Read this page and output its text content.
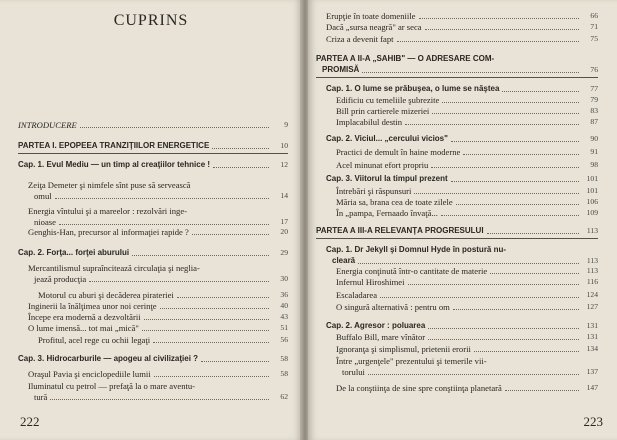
CUPRINS
INTRODUCERE	9
PARTEA I. EPOPEEA TRANZIŢIILOR ENERGETICE	10
Cap. 1. Evul Mediu — un timp al creaţiilor tehnice !	12
Zeiţa Demeter şi nimfele sînt puse să servească
omul	14
Energia vîntului şi a mareelor : rezolvări inge-
nioase	17
Genghis-Han, precursor al informaţiei rapide ?	20
Cap. 2. Forţa... forţei aburului	29
Mercantilismul supraîncitează circulaţia şi neglia-
jează producţia	30
Motorul cu aburi şi decăderea pirateriei	36
Inginerii la înălţimea unor noi cerinţe	40
Începe era modernă a dezvoltării	43
O lume imensă... tot mai „mică"	51
Profitul, acel rege cu ochii legaţi	56
Cap. 3. Hidrocarburile — apogeu al civilizaţiei ?	58
Oraşul Pavia şi enciclopediile lumii	58
Iluminatul cu petrol — prefaţă la o mare aventu-
tură	62
222
Erupţie în toate domeniile	66
Dacă „sursa neagră" ar seca	71
Criza a devenit fapt	75
PARTEA A II-A „SAHIB" — O ADRESARE COM-
PROMISĂ	76
Cap. 1. O lume se prăbuşea, o lume se năştea	77
Edificiu cu temeliile şubrezite	79
Bill prin cartierele mizeriei	83
Implacabilul destin	87
Cap. 2. Viciul... „cercului vicios"	90
Practici de demult în haine moderne	91
Acel minunat efort propriu	98
Cap. 3. Viitorul la timpul prezent	101
Întrebări şi răspunsuri	101
Măria sa, brana cea de toate zilele	106
În „pampa, Fernaado învaţă...	109
PARTEA A III-A RELEVANŢA PROGRESULUI	113
Cap. 1. Dr Jekyll şi Domnul Hyde în postură nu-
cleară	113
Energia conţinută într-o cantitate de materie	113
Infernul Hiroshimei	116
Escaladarea	124
O singură alternativă : pentru om	127
Cap. 2. Agresor : poluarea	131
Buffalo Bill, mare vînător	131
Ignoranţa şi simplismul, prietenii erorii	134
Între „urgenţele" prezentului şi temerile vii-
torului	137
De la conştiinţa de sine spre conştiinţa planetară	147
223
